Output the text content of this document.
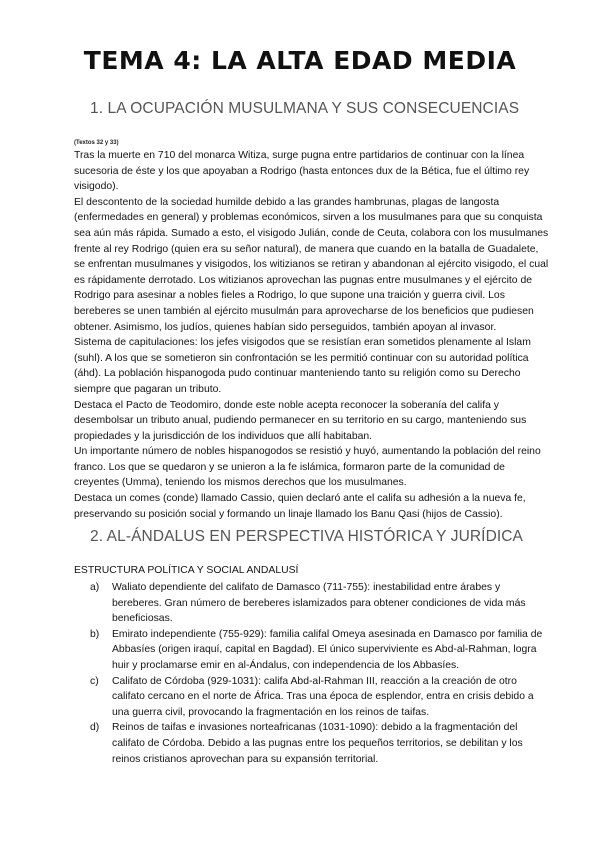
TEMA 4: LA ALTA EDAD MEDIA
1. LA OCUPACIÓN MUSULMANA Y SUS CONSECUENCIAS
(Textos 32 y 33)

Tras la muerte en 710 del monarca Witiza, surge pugna entre partidarios de continuar con la línea sucesoria de éste y los que apoyaban a Rodrigo (hasta entonces dux de la Bética, fue el último rey visigodo).

El descontento de la sociedad humilde debido a las grandes hambrunas, plagas de langosta (enfermedades en general) y problemas económicos, sirven a los musulmanes para que su conquista sea aún más rápida. Sumado a esto, el visigodo Julián, conde de Ceuta, colabora con los musulmanes frente al rey Rodrigo (quien era su señor natural), de manera que cuando en la batalla de Guadalete, se enfrentan musulmanes y visigodos, los witizianos se retiran y abandonan al ejército visigodo, el cual es rápidamente derrotado. Los witizianos aprovechan las pugnas entre musulmanes y el ejército de Rodrigo para asesinar a nobles fieles a Rodrigo, lo que supone una traición y guerra civil. Los bereberes se unen también al ejército musulmán para aprovecharse de los beneficios que pudiesen obtener. Asimismo, los judíos, quienes habían sido perseguidos, también apoyan al invasor.

Sistema de capitulaciones: los jefes visigodos que se resistían eran sometidos plenamente al Islam (suhl). A los que se sometieron sin confrontación se les permitió continuar con su autoridad política (áhd). La población hispanogoda pudo continuar manteniendo tanto su religión como su Derecho siempre que pagaran un tributo.

Destaca el Pacto de Teodomiro, donde este noble acepta reconocer la soberanía del califa y desembolsar un tributo anual, pudiendo permanecer en su territorio en su cargo, manteniendo sus propiedades y la jurisdicción de los individuos que allí habitaban.

Un importante número de nobles hispanogodos se resistió y huyó, aumentando la población del reino franco. Los que se quedaron y se unieron a la fe islámica, formaron parte de la comunidad de creyentes (Umma), teniendo los mismos derechos que los musulmanes.

Destaca un comes (conde) llamado Cassio, quien declaró ante el califa su adhesión a la nueva fe, preservando su posición social y formando un linaje llamado los Banu Qasi (hijos de Cassio).

2. AL-ÁNDALUS EN PERSPECTIVA HISTÓRICA Y JURÍDICA
ESTRUCTURA POLÍTICA Y SOCIAL ANDALUSÍ
a) Waliato dependiente del califato de Damasco (711-755): inestabilidad entre árabes y bereberes. Gran número de bereberes islamizados para obtener condiciones de vida más beneficiosas.
b) Emirato independiente (755-929): familia califal Omeya asesinada en Damasco por familia de Abbasíes (origen iraquí, capital en Bagdad). El único superviviente es Abd-al-Rahman, logra huir y proclamarse emir en al-Ándalus, con independencia de los Abbasíes.
c) Califato de Córdoba (929-1031): califa Abd-al-Rahman III, reacción a la creación de otro califato cercano en el norte de África. Tras una época de esplendor, entra en crisis debido a una guerra civil, provocando la fragmentación en los reinos de taifas.
d) Reinos de taifas e invasiones norteafricanas (1031-1090): debido a la fragmentación del califato de Córdoba. Debido a las pugnas entre los pequeños territorios, se debilitan y los reinos cristianos aprovechan para su expansión territorial.
